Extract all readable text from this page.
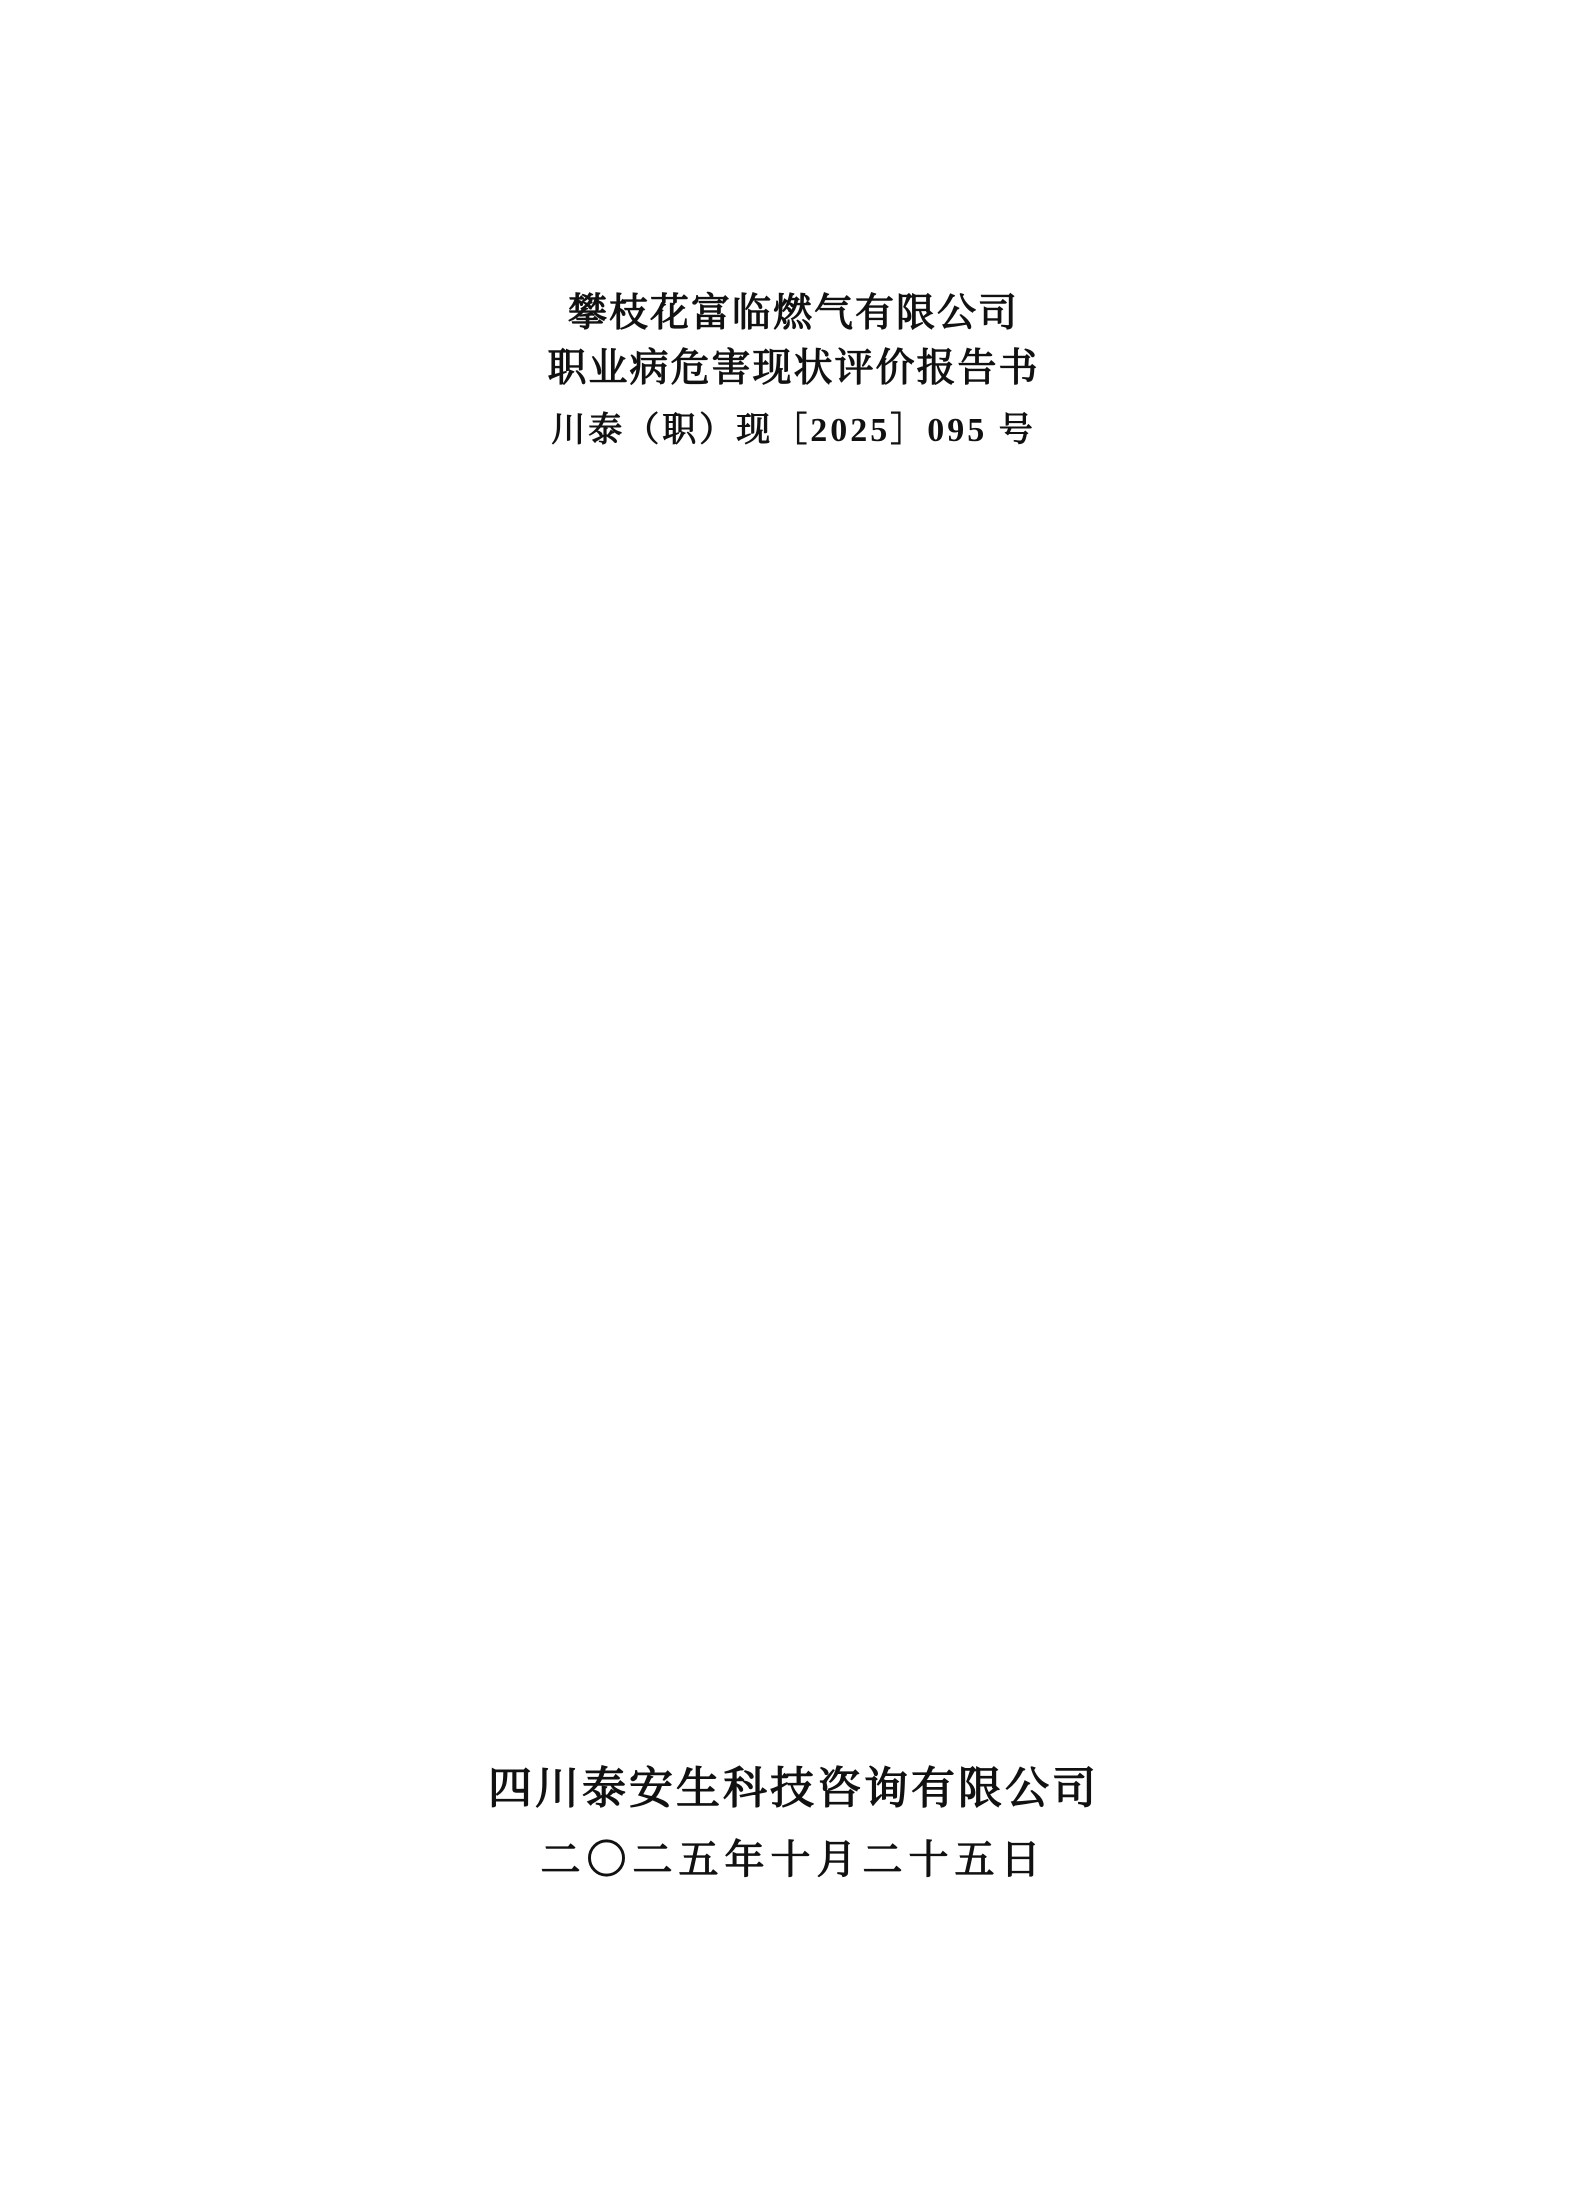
攀枝花富临燃气有限公司
职业病危害现状评价报告书
川泰（职）现［2025］095 号
四川泰安生科技咨询有限公司
二〇二五年十月二十五日
